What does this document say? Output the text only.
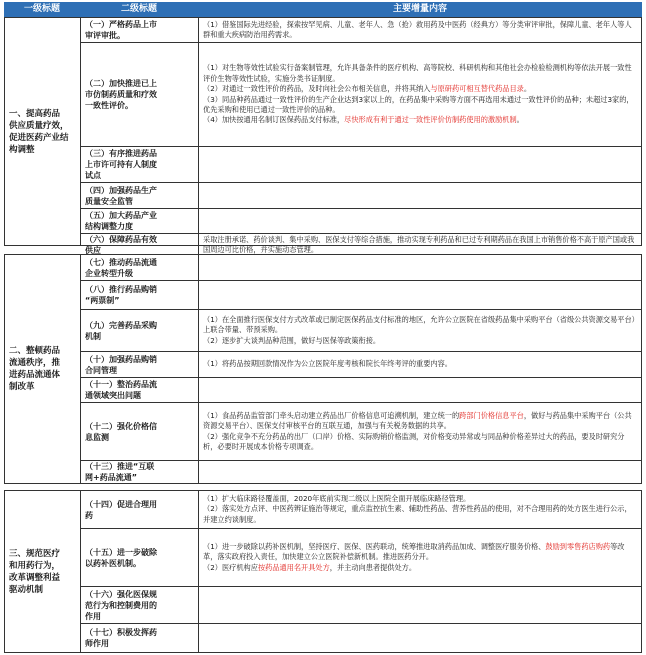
一级标题	二级标题	主要增量内容
一、提高药品
供应质量疗效，
促进医药产业结
构调整
（一）严格药品上市
审评审批。

（1）借鉴国际先进经验，探索按罕见病、儿童、老年人、急（抢）救用药及中医药（经典方）等分类审评审批，保障儿童、老年人等人群和重大疾病防治用药需求。

（二）加快推进已上
市仿制药质量和疗效
一致性评价。

（1）对生物等效性试验实行备案制管理，允许具备条件的医疗机构、高等院校、科研机构和其他社会办检验检测机构等依法开展一致性评价生物等效性试验，实施分类书证制度。

（2）对通过一致性评价的药品，及时向社会公布相关信息，并将其纳入与原研药可相互替代药品目录。

（3）同品种药品通过一致性评价的生产企业达到3家以上的，在药品集中采购等方面不再选用未通过一致性评价的品种；未超过3家的，优先采购和使用已通过一致性评价的品种。

（4）加快按通用名制订医保药品支付标准，尽快形成有利于通过一致性评价仿制药使用的激励机制。

（三）有序推进药品
上市许可持有人制度
试点
（四）加强药品生产
质量安全监管
（五）加大药品产业
结构调整力度
（六）保障药品有效
供应

采取注册承诺、药价谈判、集中采购、医保支付等综合措施，推动实现专利药品和已过专利期药品在我国上市销售价格不高于原产国或我国周边可比价格，并实施动态管理。

二、整顿药品
流通秩序，推
进药品流通体
制改革
（七）推动药品流通
企业转型升级
（八）推行药品购销
“两票制”
（九）完善药品采购
机制

（1）在全面推行医保支付方式改革或已制定医保药品支付标准的地区，允许公立医院在省级药品集中采购平台（省级公共资源交易平台）上联合带量、带预采购。

（2）逐步扩大谈判品种范围，做好与医保等政策衔接。

（十）加强药品购销
合同管理

（1）将药品按期回款情况作为公立医院年度考核和院长年终考评的重要内容。

（十一）整治药品流
通领域突出问题
（十二）强化价格信
息监测

（1）食品药品监管部门牵头启动建立药品出厂价格信息可追溯机制，建立统一的跨部门价格信息平台，做好与药品集中采购平台（公共资源交易平台）、医保支付审核平台的互联互通，加强与有关税务数据的共享。

（2）强化竞争不充分药品的出厂（口岸）价格、实际购销价格监测，对价格变动异常或与同品种价格差异过大的药品，要及时研究分析，必要时开展成本价格专项调查。

（十三）推进“互联
网+药品流通”
三、规范医疗
和用药行为，
改革调整利益
驱动机制
（十四）促进合理用
药

（1）扩大临床路径覆盖面，2020年底前实现二级以上医院全面开展临床路径管理。

（2）落实处方点评、中医药辨证施治等规定，重点监控抗生素、辅助性药品、营养性药品的使用，对不合理用药的处方医生进行公示，并建立约谈制度。

（十五）进一步破除
以药补医机制。

（1）进一步破除以药补医机制，坚持医疗、医保、医药联动，统筹推进取消药品加成、调整医疗服务价格、鼓励到零售药店购药等改革，落实政府投入责任，加快建立公立医院补偿新机制。推进医药分开。

（2）医疗机构应按药品通用名开具处方，并主动向患者提供处方。

（十六）强化医保规
范行为和控制费用的
作用
（十七）积极发挥药
师作用
